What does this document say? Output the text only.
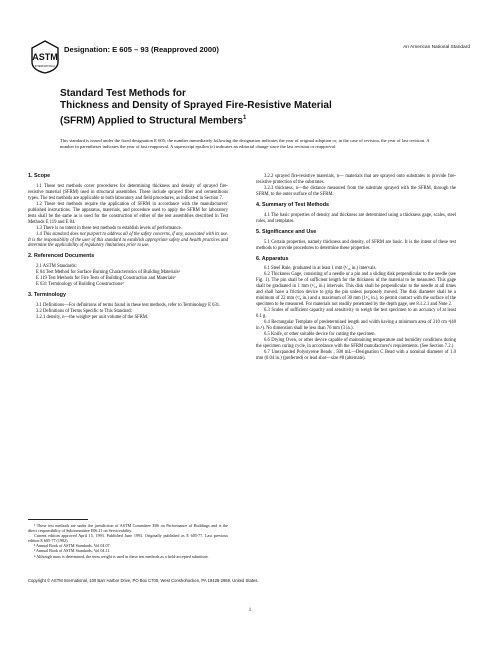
ASTM
INTERNATIONAL
Designation: E 605 – 93 (Reapproved 2000)	An American National Standard
Standard Test Methods for
Thickness and Density of Sprayed Fire-Resistive Material
(SFRM) Applied to Structural Members$^1$
This standard is issued under the fixed designation E 605; the number immediately following the designation indicates the year of original adoption or, in the case of revision, the year of last revision. A number in parentheses indicates the year of last reapproval. A superscript epsilon (ε) indicates an editorial change since the last revision or reapproval.

1. Scope

1.1 These test methods cover procedures for determining thickness and density of sprayed fire-resistive material (SFRM) used in structural assemblies. These include sprayed fiber and cementitious types. The test methods are applicable to both laboratory and field procedures, as indicated in Section 7.

1.2 These test methods require the application of SFRM in accordance with the manufacturers' published instructions. The apparatus, materials, and procedure used to apply the SFRM for laboratory tests shall be the same as is used for the construction of either of the test assemblies described in Test Methods E 119 and E 84.

1.3 There is no intent in these test methods to establish levels of performance.

1.4 This standard does not purport to address all of the safety concerns, if any, associated with its use. It is the responsibility of the user of this standard to establish appropriate safety and health practices and determine the applicability of regulatory limitations prior to use.

2. Referenced Documents

2.1 ASTM Standards:

E 84 Test Method for Surface Burning Characteristics of Building Materials²

E 119 Test Methods for Fire Tests of Building Construction and Materials²

E 631 Terminology of Building Constructions³

3. Terminology

3.1 Definitions—For definitions of terms found in these test methods, refer to Terminology E 631.

3.2 Definitions of Terms Specific to This Standard:

3.2.1 density, n—the weight⁴ per unit volume of the SFRM.

¹ These test methods are under the jurisdiction of ASTM Committee E06 on Performance of Buildings and is the direct responsibility of Subcommittee E06.21 on Serviceability.

Current edition approved April 15, 1993. Published June 1993. Originally published as E 605-77. Last previous edition E 605-77 (1982).

² Annual Book of ASTM Standards, Vol 04.07.

³ Annual Book of ASTM Standards, Vol 04.11.

⁴ Although mass is determined, the term weight is used in these test methods as a field-accepted substitute.

3.2.2 sprayed fire-resistive materials, n— materials that are sprayed onto substrates to provide fire-resistive protection of the substrates.

3.2.3 thickness, n—the distance measured from the substrate sprayed with the SFRM, through the SFRM, to the outer surface of the SFRM.

4. Summary of Test Methods

4.1 The basic properties of density and thickness are determined using a thickness gage, scales, steel rules, and templates.

5. Significance and Use

5.1 Certain properties, namely thickness and density, of SFRM are basic. It is the intent of these test methods to provide procedures to determine these properties.

6. Apparatus

6.1 Steel Rule, graduated in at least 1 mm (¹⁄₁₆ in.) intervals.

6.2 Thickness Gage, consisting of a needle or a pin and a sliding disk perpendicular to the needle (see Fig. 1). The pin shall be of sufficient length for the thickness of the material to be measured. This gage shall be graduated in 1 mm (¹⁄₁₆ in.) intervals. This disk shall be perpendicular to the needle at all times and shall have a friction device to grip the pin unless purposely moved. The disk diameter shall be a minimum of 22 mm (⁷⁄₈ in.) and a maximum of 30 mm (1¹⁄₈ in.), to permit contact with the surface of the specimen to be measured. For materials not readily penetrated by the depth gage, see 8.1.2.1 and Note 2.

6.3 Scales of sufficient capacity and sensitivity to weigh the test specimen to an accuracy of at least 0.1 g.

6.4 Rectangular Template of predetermined length and width having a minimum area of 310 cm ²(48 in.²). No dimension shall be less than 76 mm (3 in.).

6.5 Knife, or other suitable device for cutting the specimen.

6.6 Drying Oven, or other device capable of maintaining temperature and humidity conditions during the specimen curing cycle, in accordance with the SFRM manufacturer's requirements. (See Section 7.2.)

6.7 Unexpanded Polystyrene Beads , 500 mL—Designation C Bead with a nominal diameter of 1.0 mm (0.04 in.) (preferred) or lead shot—size #8 (alternate).

Copyright © ASTM International, 100 Barr Harbor Drive, PO Box C700, West Conshohocken, PA 19428-2959, United States.
1
